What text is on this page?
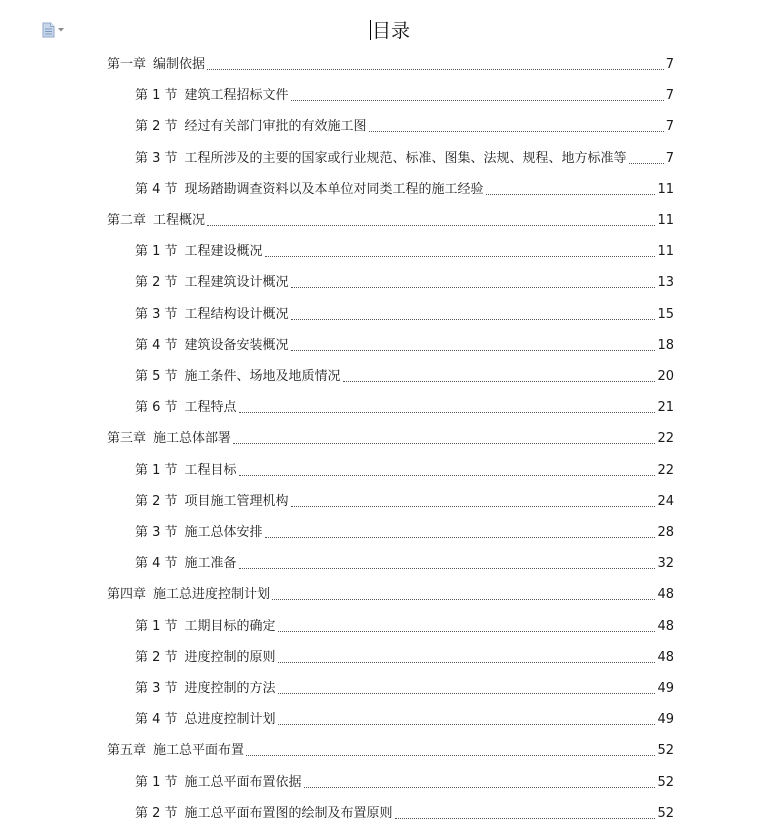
目录
第一章 编制依据	7
第 1 节 建筑工程招标文件	7
第 2 节 经过有关部门审批的有效施工图	7
第 3 节 工程所涉及的主要的国家或行业规范、标准、图集、法规、规程、地方标准等	7
第 4 节 现场踏勘调查资料以及本单位对同类工程的施工经验	11
第二章 工程概况	11
第 1 节 工程建设概况	11
第 2 节 工程建筑设计概况	13
第 3 节 工程结构设计概况	15
第 4 节 建筑设备安装概况	18
第 5 节 施工条件、场地及地质情况	20
第 6 节 工程特点	21
第三章 施工总体部署	22
第 1 节 工程目标	22
第 2 节 项目施工管理机构	24
第 3 节 施工总体安排	28
第 4 节 施工准备	32
第四章 施工总进度控制计划	48
第 1 节 工期目标的确定	48
第 2 节 进度控制的原则	48
第 3 节 进度控制的方法	49
第 4 节 总进度控制计划	49
第五章 施工总平面布置	52
第 1 节 施工总平面布置依据	52
第 2 节 施工总平面布置图的绘制及布置原则	52
